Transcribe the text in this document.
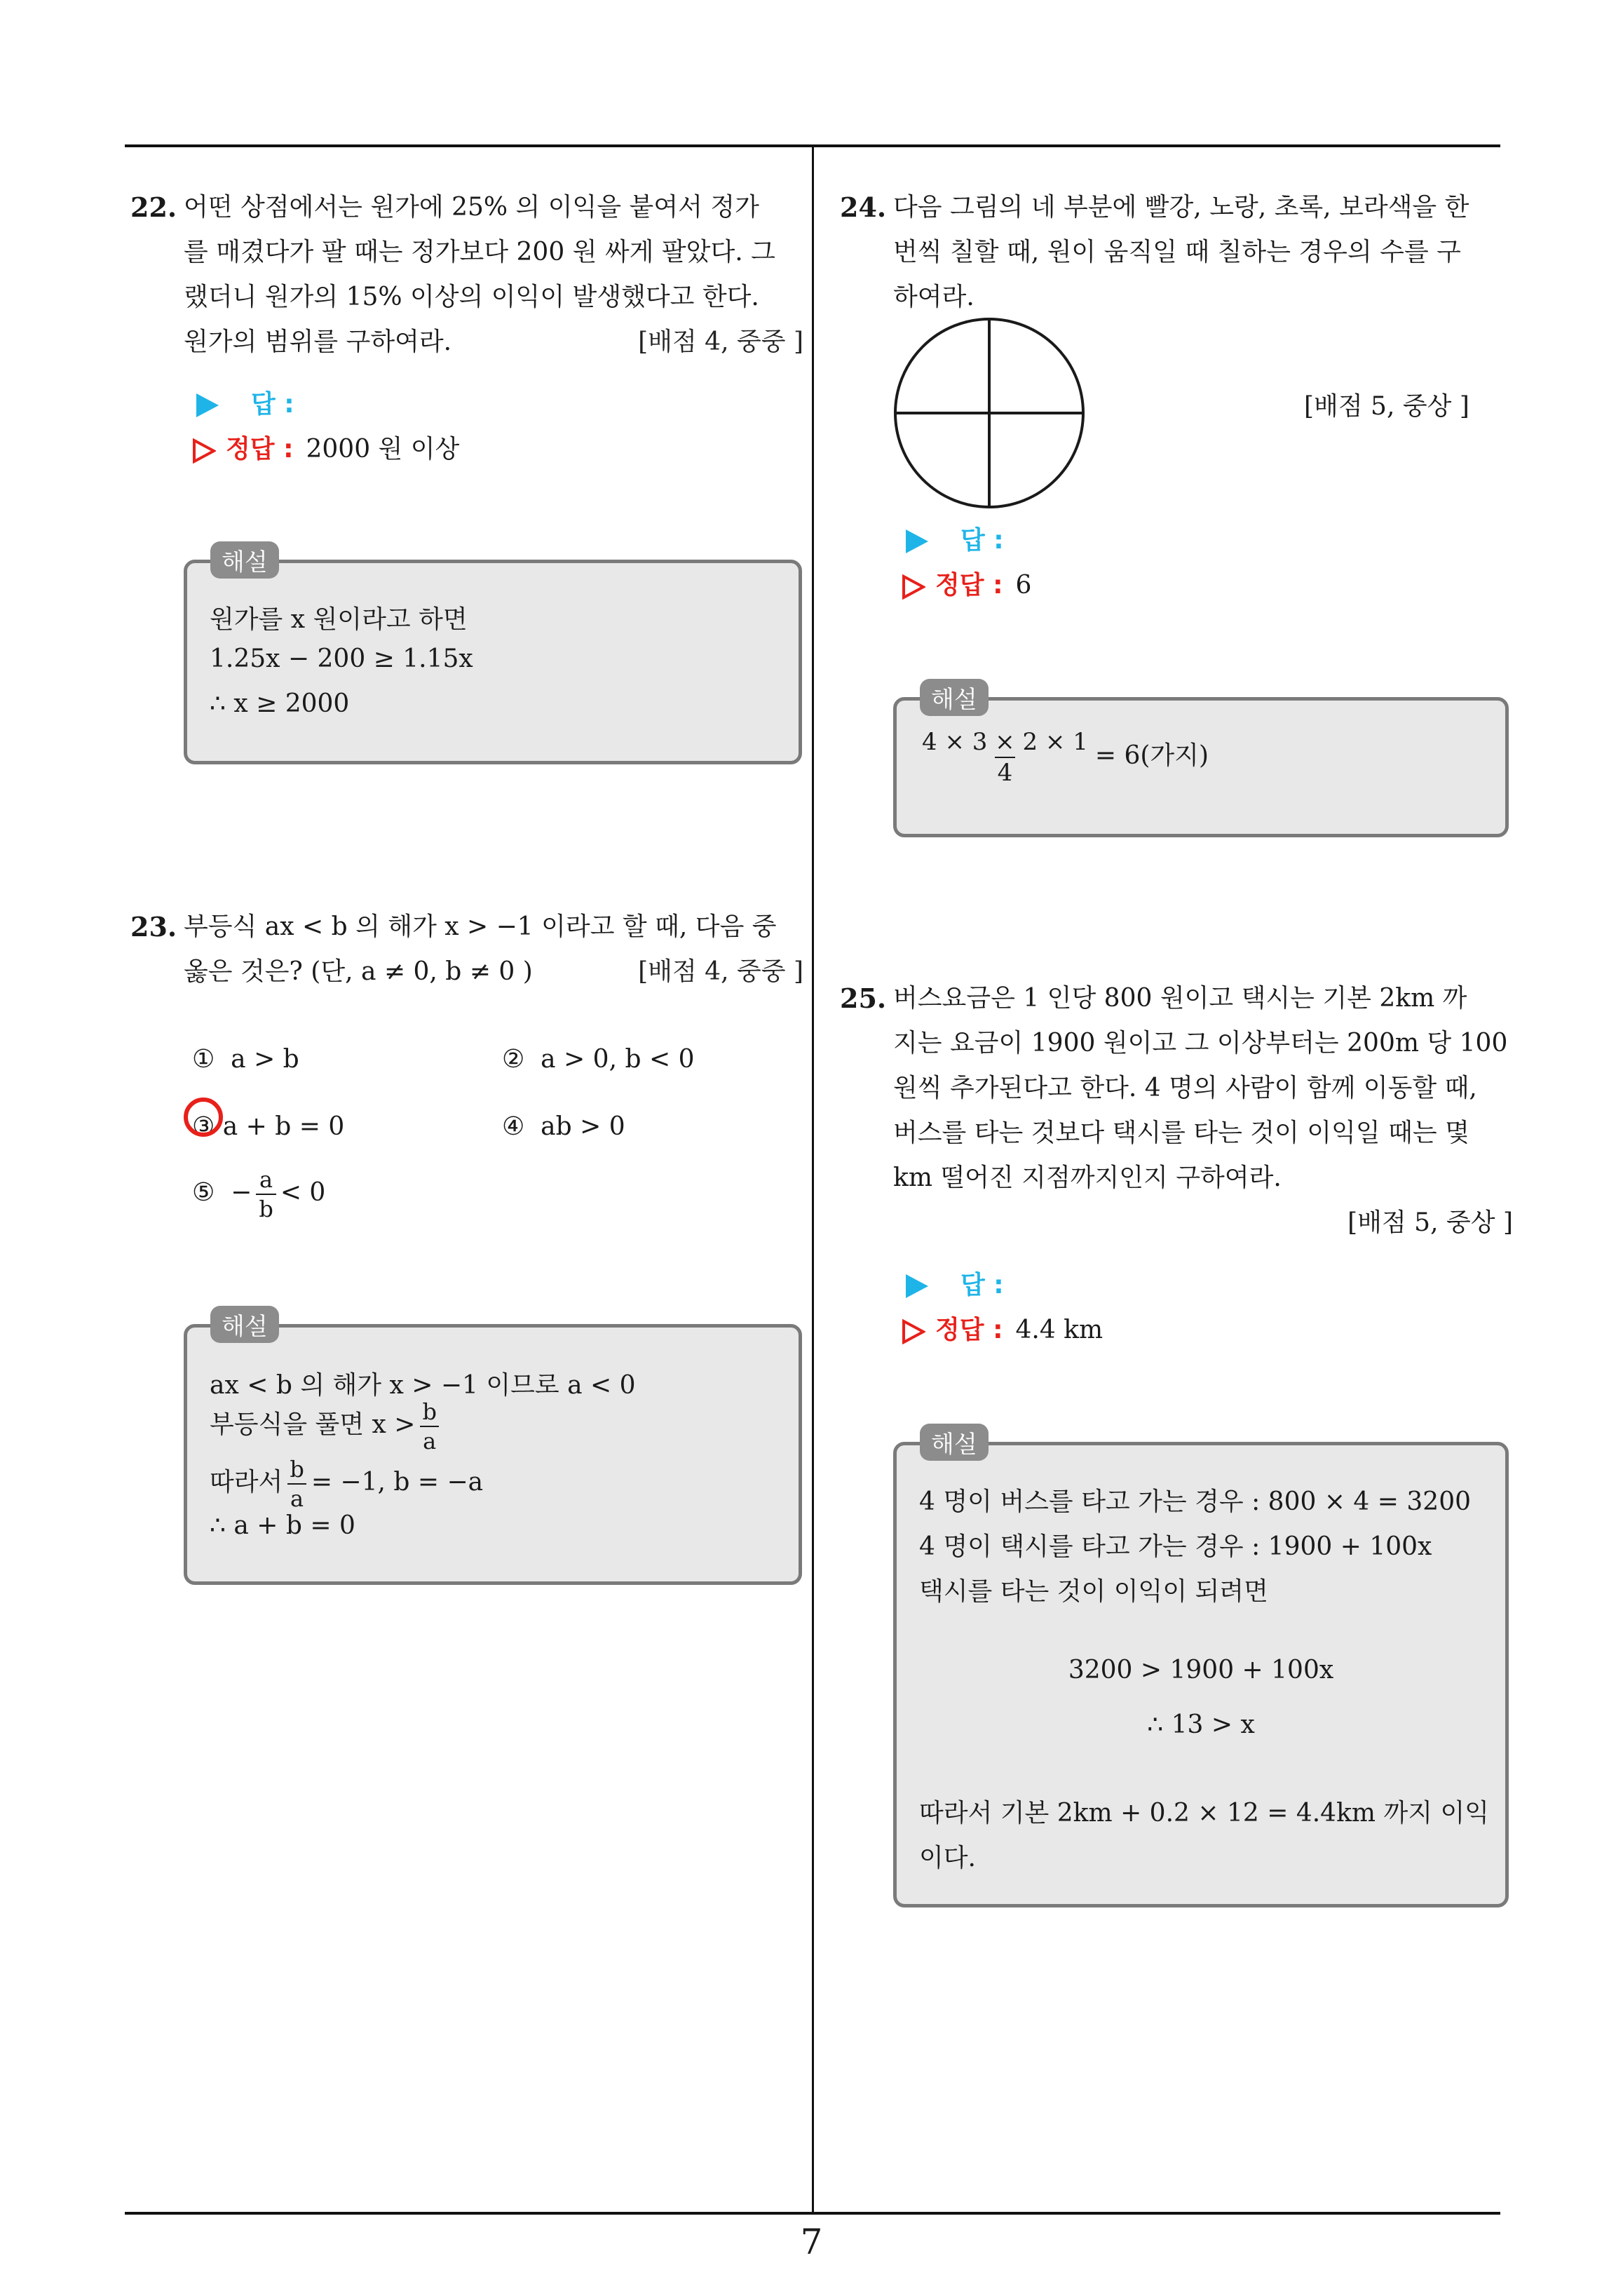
22. 어떤 상점에서는 원가에 25% 의 이익을 붙여서 정가
를 매겼다가 팔 때는 정가보다 200 원 싸게 팔았다. 그
랬더니 원가의 15% 이상의 이익이 발생했다고 한다.
원가의 범위를 구하여라.	[배점 4, 중중 ]
답 :
정답 : 2000 원 이상
원가를 x 원이라고 하면
1.25x − 200 ≥ 1.15x
∴ x ≥ 2000
해설
23. 부등식 ax < b 의 해가 x > −1 이라고 할 때, 다음 중
옳은 것은? (단, a ≠ 0, b ≠ 0 )	[배점 4, 중중 ]
① a > b	② a > 0, b < 0
③ a + b = 0	④ ab > 0
⑤ − $\frac{a}{b} < 0$
ax < b 의 해가 x > −1 이므로 a < 0
부등식을 풀면 $x > \frac{b}{a}$
따라서 $\frac{b}{a} = -1$, b = −a
∴ a + b = 0
해설
24. 다음 그림의 네 부분에 빨강, 노랑, 초록, 보라색을 한
번씩 칠할 때, 원이 움직일 때 칠하는 경우의 수를 구
하여라.
[배점 5, 중상 ]
답 :
정답 : 6
$\frac{4 \times 3 \times 2 \times 1}{4} = 6$(가지)
해설
25. 버스요금은 1 인당 800 원이고 택시는 기본 2km 까
지는 요금이 1900 원이고 그 이상부터는 200m 당 100
원씩 추가된다고 한다. 4 명의 사람이 함께 이동할 때,
버스를 타는 것보다 택시를 타는 것이 이익일 때는 몇
km 떨어진 지점까지인지 구하여라.
[배점 5, 중상 ]
답 :
정답 : 4.4 km
4 명이 버스를 타고 가는 경우 : 800 × 4 = 3200
4 명이 택시를 타고 가는 경우 : 1900 + 100x
택시를 타는 것이 이익이 되려면
3200 > 1900 + 100x
∴ 13 > x
따라서 기본 2km + 0.2 × 12 = 4.4km 까지 이익
이다.
해설
7
